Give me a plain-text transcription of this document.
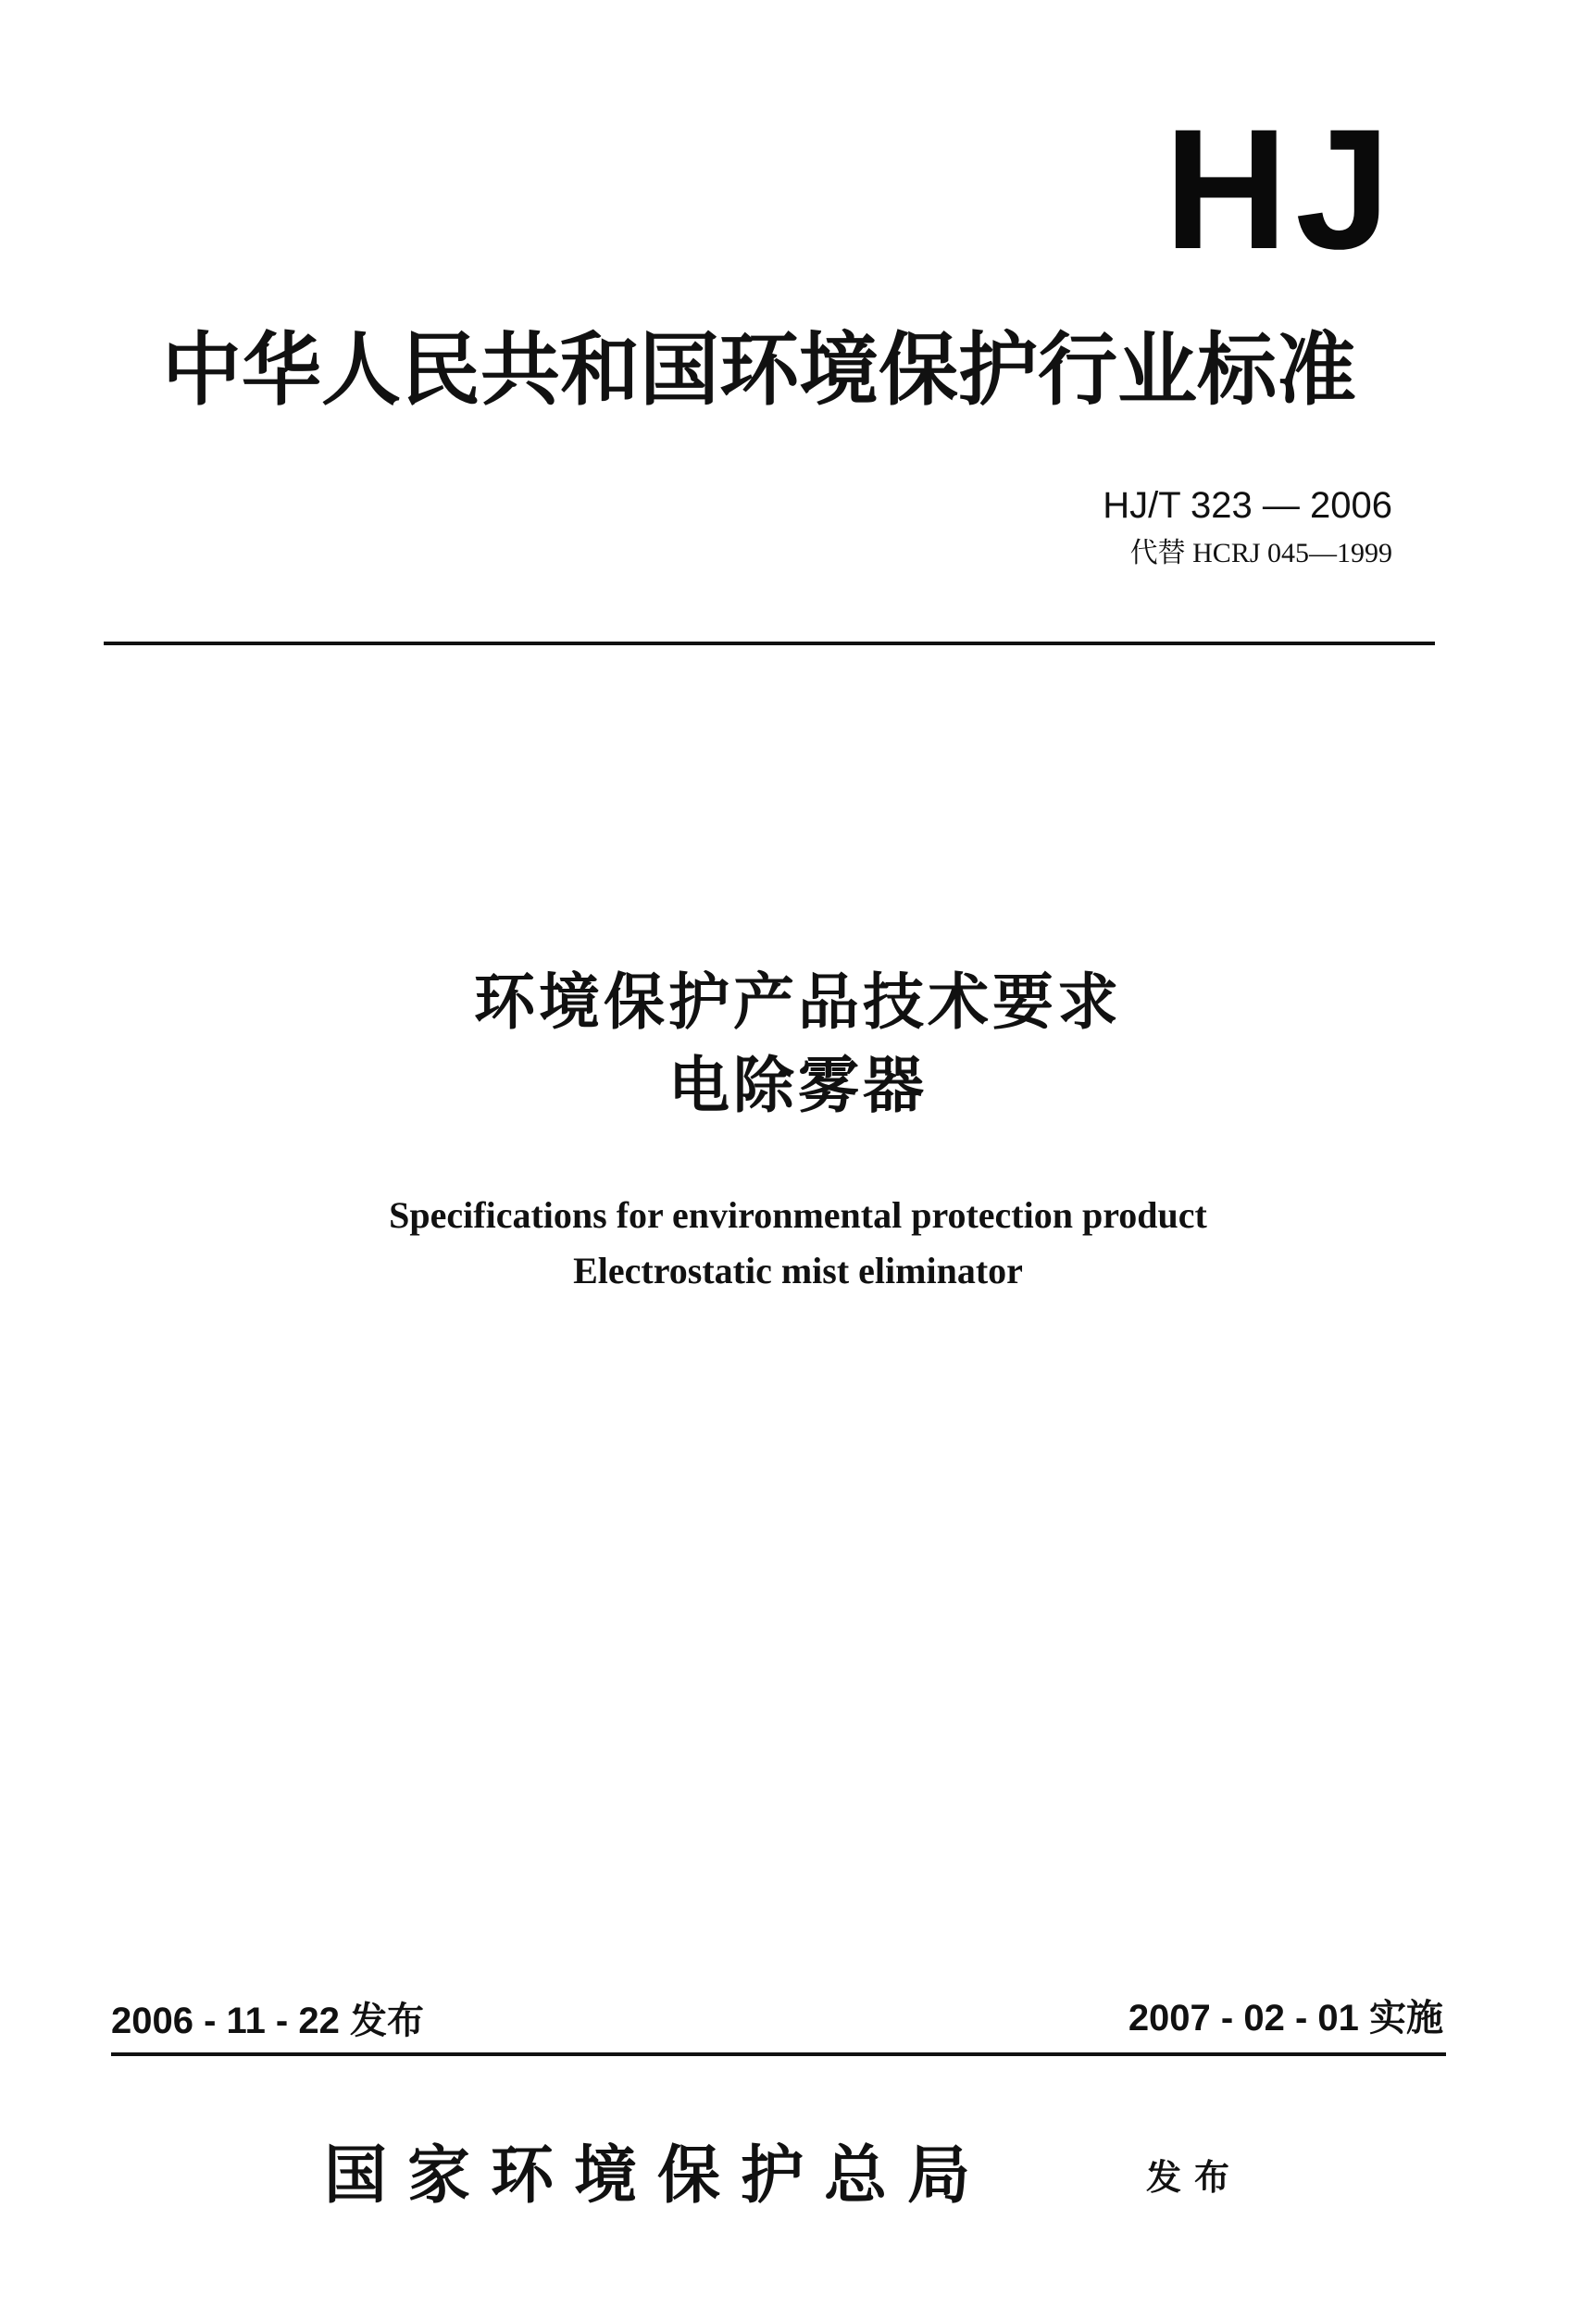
HJ
中华人民共和国环境保护行业标准
HJ/T 323 — 2006
代替 HCRJ 045—1999
环境保护产品技术要求
电除雾器
Specifications for environmental protection product
Electrostatic mist eliminator
2006 - 11 - 22 发布	2007 - 02 - 01 实施
国家环境保护总局	发布
